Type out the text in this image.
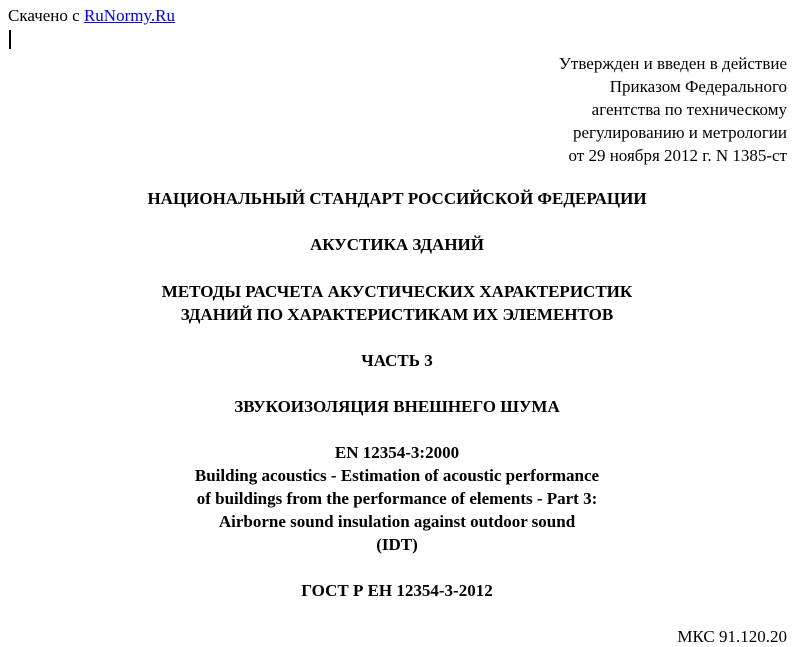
Скачено с RuNormy.Ru
Утвержден и введен в действие
Приказом Федерального
агентства по техническому
регулированию и метрологии
от 29 ноября 2012 г. N 1385-ст
НАЦИОНАЛЬНЫЙ СТАНДАРТ РОССИЙСКОЙ ФЕДЕРАЦИИ
АКУСТИКА ЗДАНИЙ
МЕТОДЫ РАСЧЕТА АКУСТИЧЕСКИХ ХАРАКТЕРИСТИК
ЗДАНИЙ ПО ХАРАКТЕРИСТИКАМ ИХ ЭЛЕМЕНТОВ
ЧАСТЬ 3
ЗВУКОИЗОЛЯЦИЯ ВНЕШНЕГО ШУМА
EN 12354-3:2000
Building acoustics - Estimation of acoustic performance
of buildings from the performance of elements - Part 3:
Airborne sound insulation against outdoor sound
(IDT)
ГОСТ Р ЕН 12354-3-2012
МКС 91.120.20
